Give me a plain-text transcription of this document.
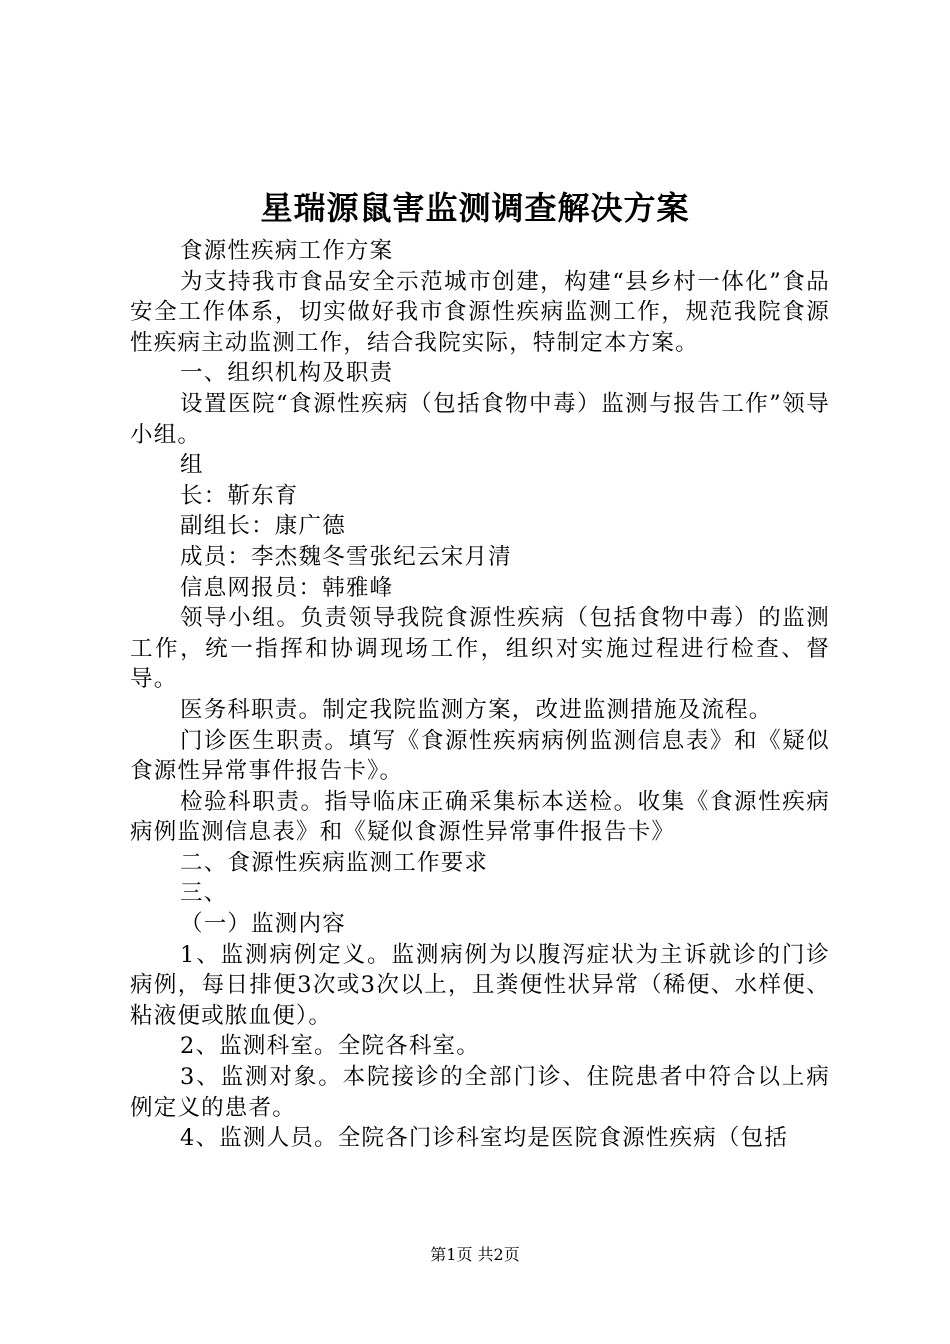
星瑞源鼠害监测调查解决方案

食源性疾病工作方案

为支持我市食品安全示范城市创建，构建“县乡村一体化”食品安全工作体系，切实做好我市食源性疾病监测工作，规范我院食源性疾病主动监测工作，结合我院实际，特制定本方案。

一、组织机构及职责

设置医院“食源性疾病（包括食物中毒）监测与报告工作”领导小组。

组

长：靳东育

副组长：康广德

成员：李杰魏冬雪张纪云宋月清

信息网报员：韩雅峰

领导小组。负责领导我院食源性疾病（包括食物中毒）的监测工作，统一指挥和协调现场工作，组织对实施过程进行检查、督导。

医务科职责。制定我院监测方案，改进监测措施及流程。

门诊医生职责。填写《食源性疾病病例监测信息表》和《疑似食源性异常事件报告卡》。

检验科职责。指导临床正确采集标本送检。收集《食源性疾病病例监测信息表》和《疑似食源性异常事件报告卡》

二、食源性疾病监测工作要求

三、

（一）监测内容

1、监测病例定义。监测病例为以腹泻症状为主诉就诊的门诊病例，每日排便3次或3次以上，且粪便性状异常（稀便、水样便、粘液便或脓血便）。

2、监测科室。全院各科室。

3、监测对象。本院接诊的全部门诊、住院患者中符合以上病例定义的患者。

4、监测人员。全院各门诊科室均是医院食源性疾病（包括

第1页 共2页
